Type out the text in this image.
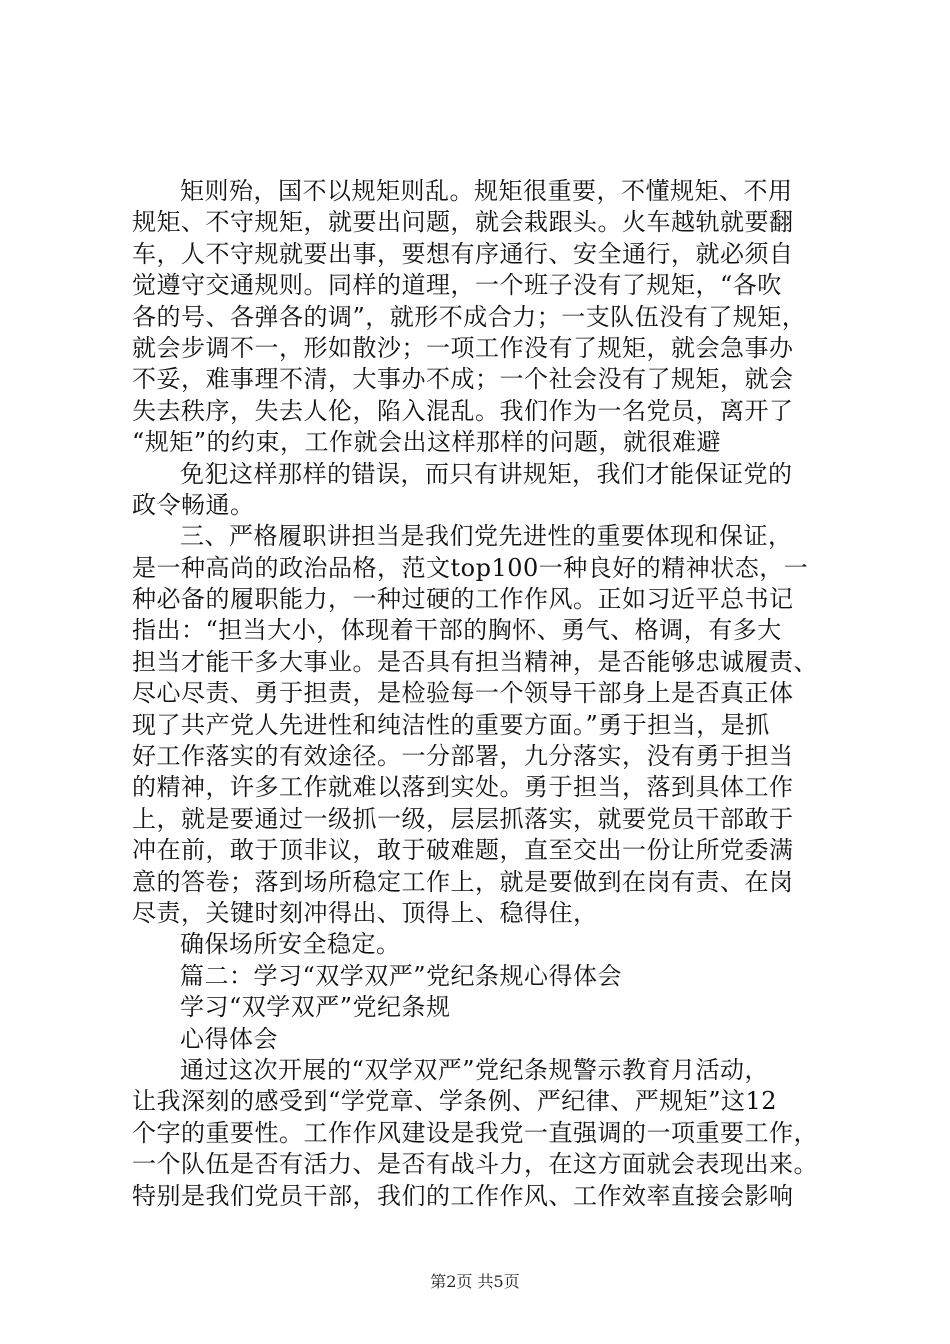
矩则殆，国不以规矩则乱。规矩很重要，不懂规矩、不用
规矩、不守规矩，就要出问题，就会栽跟头。火车越轨就要翻
车，人不守规就要出事，要想有序通行、安全通行，就必须自
觉遵守交通规则。同样的道理，一个班子没有了规矩，“各吹
各的号、各弹各的调”，就形不成合力；一支队伍没有了规矩，
就会步调不一，形如散沙；一项工作没有了规矩，就会急事办
不妥，难事理不清，大事办不成；一个社会没有了规矩，就会
失去秩序，失去人伦，陷入混乱。我们作为一名党员，离开了
“规矩”的约束，工作就会出这样那样的问题，就很难避
免犯这样那样的错误，而只有讲规矩，我们才能保证党的
政令畅通。
三、严格履职讲担当是我们党先进性的重要体现和保证，
是一种高尚的政治品格，范文top100一种良好的精神状态，一
种必备的履职能力，一种过硬的工作作风。正如习近平总书记
指出：“担当大小，体现着干部的胸怀、勇气、格调，有多大
担当才能干多大事业。是否具有担当精神，是否能够忠诚履责、
尽心尽责、勇于担责，是检验每一个领导干部身上是否真正体
现了共产党人先进性和纯洁性的重要方面。”勇于担当，是抓
好工作落实的有效途径。一分部署，九分落实，没有勇于担当
的精神，许多工作就难以落到实处。勇于担当，落到具体工作
上，就是要通过一级抓一级，层层抓落实，就要党员干部敢于
冲在前，敢于顶非议，敢于破难题，直至交出一份让所党委满
意的答卷；落到场所稳定工作上，就是要做到在岗有责、在岗
尽责，关键时刻冲得出、顶得上、稳得住，
确保场所安全稳定。
篇二：学习“双学双严”党纪条规心得体会
学习“双学双严”党纪条规
心得体会
通过这次开展的“双学双严”党纪条规警示教育月活动，
让我深刻的感受到“学党章、学条例、严纪律、严规矩”这12
个字的重要性。工作作风建设是我党一直强调的一项重要工作，
一个队伍是否有活力、是否有战斗力，在这方面就会表现出来。
特别是我们党员干部，我们的工作作风、工作效率直接会影响
第2页 共5页
